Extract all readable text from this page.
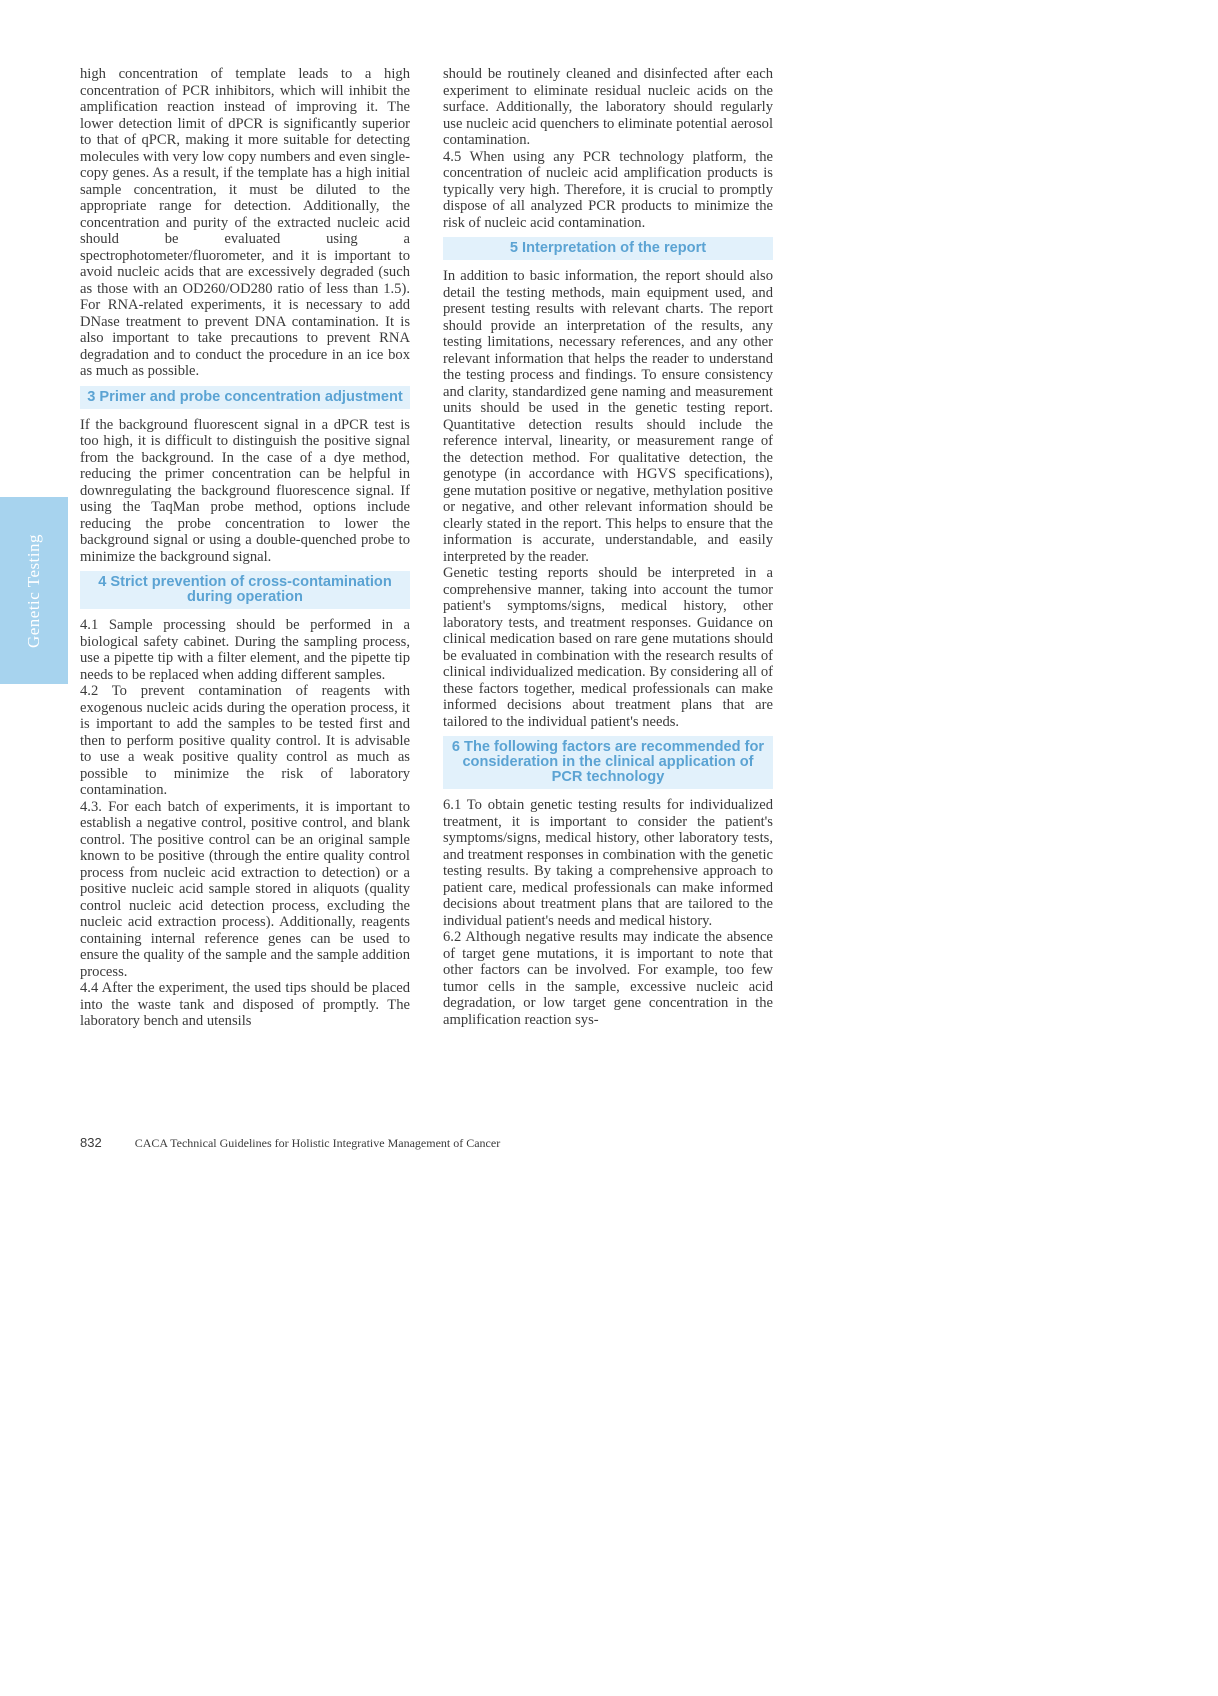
Genetic Testing

high concentration of template leads to a high concentration of PCR inhibitors, which will inhibit the amplification reaction instead of improving it. The lower detection limit of dPCR is significantly superior to that of qPCR, making it more suitable for detecting molecules with very low copy numbers and even single-copy genes. As a result, if the template has a high initial sample concentration, it must be diluted to the appropriate range for detection. Additionally, the concentration and purity of the extracted nucleic acid should be evaluated using a spectrophotometer/fluorometer, and it is important to avoid nucleic acids that are excessively degraded (such as those with an OD260/OD280 ratio of less than 1.5). For RNA-related experiments, it is necessary to add DNase treatment to prevent DNA contamination. It is also important to take precautions to prevent RNA degradation and to conduct the procedure in an ice box as much as possible.

3 Primer and probe concentration adjustment

If the background fluorescent signal in a dPCR test is too high, it is difficult to distinguish the positive signal from the background. In the case of a dye method, reducing the primer concentration can be helpful in downregulating the background fluorescence signal. If using the TaqMan probe method, options include reducing the probe concentration to lower the background signal or using a double-quenched probe to minimize the background signal.

4 Strict prevention of cross-contamination during operation

4.1 Sample processing should be performed in a biological safety cabinet. During the sampling process, use a pipette tip with a filter element, and the pipette tip needs to be replaced when adding different samples.

4.2 To prevent contamination of reagents with exogenous nucleic acids during the operation process, it is important to add the samples to be tested first and then to perform positive quality control. It is advisable to use a weak positive quality control as much as possible to minimize the risk of laboratory contamination.

4.3. For each batch of experiments, it is important to establish a negative control, positive control, and blank control. The positive control can be an original sample known to be positive (through the entire quality control process from nucleic acid extraction to detection) or a positive nucleic acid sample stored in aliquots (quality control nucleic acid detection process, excluding the nucleic acid extraction process). Additionally, reagents containing internal reference genes can be used to ensure the quality of the sample and the sample addition process.

4.4 After the experiment, the used tips should be placed into the waste tank and disposed of promptly. The laboratory bench and utensils

should be routinely cleaned and disinfected after each experiment to eliminate residual nucleic acids on the surface. Additionally, the laboratory should regularly use nucleic acid quenchers to eliminate potential aerosol contamination.

4.5 When using any PCR technology platform, the concentration of nucleic acid amplification products is typically very high. Therefore, it is crucial to promptly dispose of all analyzed PCR products to minimize the risk of nucleic acid contamination.

5 Interpretation of the report

In addition to basic information, the report should also detail the testing methods, main equipment used, and present testing results with relevant charts. The report should provide an interpretation of the results, any testing limitations, necessary references, and any other relevant information that helps the reader to understand the testing process and findings. To ensure consistency and clarity, standardized gene naming and measurement units should be used in the genetic testing report. Quantitative detection results should include the reference interval, linearity, or measurement range of the detection method. For qualitative detection, the genotype (in accordance with HGVS specifications), gene mutation positive or negative, methylation positive or negative, and other relevant information should be clearly stated in the report. This helps to ensure that the information is accurate, understandable, and easily interpreted by the reader.

Genetic testing reports should be interpreted in a comprehensive manner, taking into account the tumor patient's symptoms/signs, medical history, other laboratory tests, and treatment responses. Guidance on clinical medication based on rare gene mutations should be evaluated in combination with the research results of clinical individualized medication. By considering all of these factors together, medical professionals can make informed decisions about treatment plans that are tailored to the individual patient's needs.

6 The following factors are recommended for consideration in the clinical application of PCR technology

6.1 To obtain genetic testing results for individualized treatment, it is important to consider the patient's symptoms/signs, medical history, other laboratory tests, and treatment responses in combination with the genetic testing results. By taking a comprehensive approach to patient care, medical professionals can make informed decisions about treatment plans that are tailored to the individual patient's needs and medical history.

6.2 Although negative results may indicate the absence of target gene mutations, it is important to note that other factors can be involved. For example, too few tumor cells in the sample, excessive nucleic acid degradation, or low target gene concentration in the amplification reaction sys-

832	CACA Technical Guidelines for Holistic Integrative Management of Cancer
